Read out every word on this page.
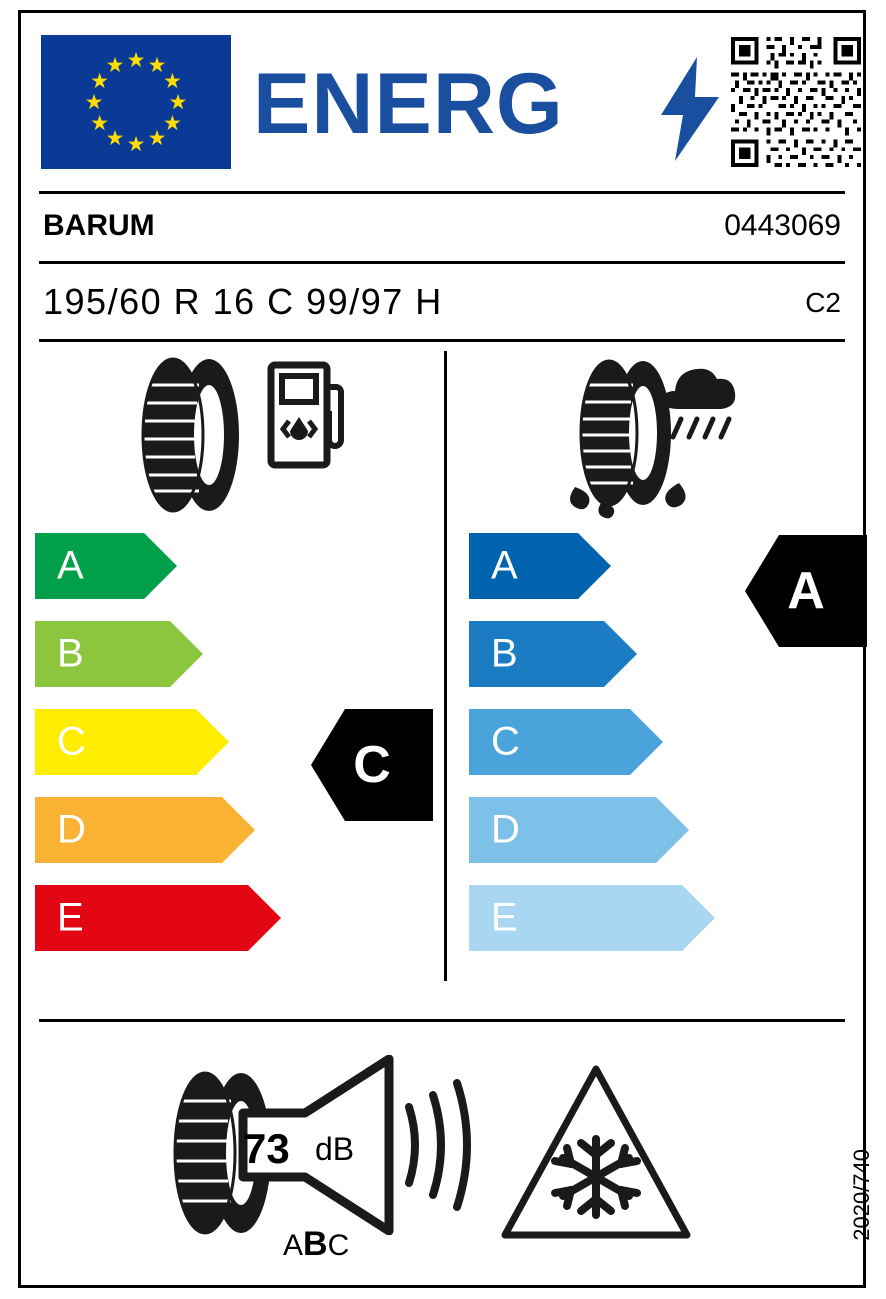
★ ★
★
★
★
★
★
★
★
★
★
★ ENERG
BARUM	0443069
195/60 R 16 C 99/97 H	C2
A
B
C
D
E
C
A
B
C
D
E
A
73 dB
ABC
2020/740
